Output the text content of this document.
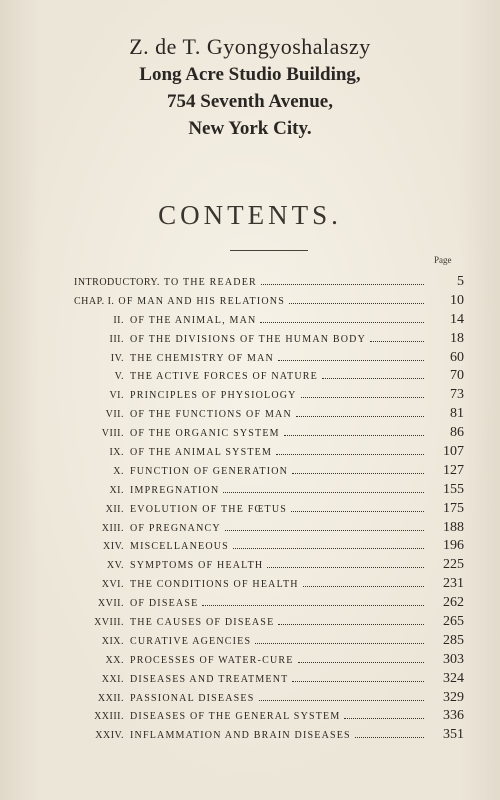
Z. de T. Gyongyoshalaszy
Long Acre Studio Building,
754 Seventh Avenue,
New York City.
CONTENTS.
Page
INTRODUCTORY. TO THE READER	5
CHAP. I. OF MAN AND HIS RELATIONS	10
II. OF THE ANIMAL, MAN	14
III. OF THE DIVISIONS OF THE HUMAN BODY	18
IV. THE CHEMISTRY OF MAN	60
V. THE ACTIVE FORCES OF NATURE	70
VI. PRINCIPLES OF PHYSIOLOGY	73
VII. OF THE FUNCTIONS OF MAN	81
VIII. OF THE ORGANIC SYSTEM	86
IX. OF THE ANIMAL SYSTEM	107
X. FUNCTION OF GENERATION	127
XI. IMPREGNATION	155
XII. EVOLUTION OF THE FŒTUS	175
XIII. OF PREGNANCY	188
XIV. MISCELLANEOUS	196
XV. SYMPTOMS OF HEALTH	225
XVI. THE CONDITIONS OF HEALTH	231
XVII. OF DISEASE	262
XVIII. THE CAUSES OF DISEASE	265
XIX. CURATIVE AGENCIES	285
XX. PROCESSES OF WATER-CURE	303
XXI. DISEASES AND TREATMENT	324
XXII. PASSIONAL DISEASES	329
XXIII. DISEASES OF THE GENERAL SYSTEM	336
XXIV. INFLAMMATION AND BRAIN DISEASES	351
